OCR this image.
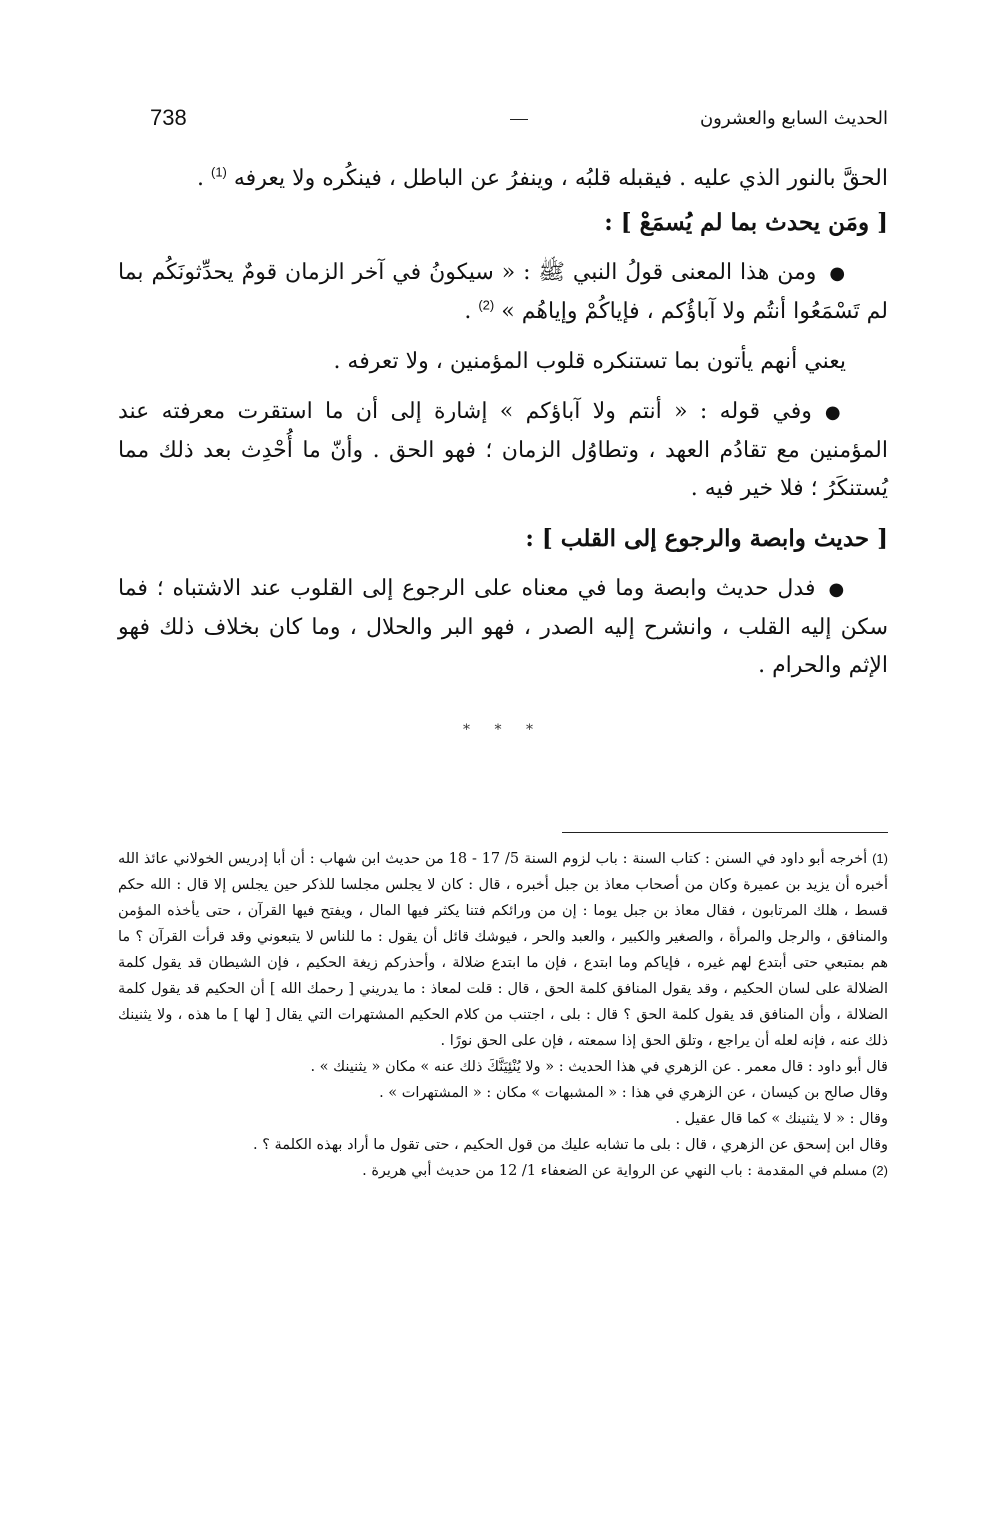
738	الحديث السابع والعشرون

الحقَّ بالنور الذي عليه . فيقبله قلبُه ، وينفرُ عن الباطل ، فينكُره ولا يعرفه $^{(1)}$ .

[ ومَن يحدث بما لم يُسمَعْ ] :

● ومن هذا المعنى قولُ النبي ﷺ : « سيكونُ في آخر الزمان قومٌ يحدِّثونَكُم بما لم تَسْمَعُوا أنتُم ولا آباؤُكم ، فإياكُمْ وإياهُم » $^{(2)}$ .

يعني أنهم يأتون بما تستنكره قلوب المؤمنين ، ولا تعرفه .

● وفي قوله : « أنتم ولا آباؤكم » إشارة إلى أن ما استقرت معرفته عند المؤمنين مع تقادُم العهد ، وتطاوُل الزمان ؛ فهو الحق . وأنّ ما أُحْدِث بعد ذلك مما يُستنكَرُ ؛ فلا خير فيه .

[ حديث وابصة والرجوع إلى القلب ] :

● فدل حديث وابصة وما في معناه على الرجوع إلى القلوب عند الاشتباه ؛ فما سكن إليه القلب ، وانشرح إليه الصدر ، فهو البر والحلال ، وما كان بخلاف ذلك فهو الإثم والحرام .

* * *

(1) أخرجه أبو داود في السنن : كتاب السنة : باب لزوم السنة 5/ 17 - 18 من حديث ابن شهاب : أن أبا إدريس الخولاني عائذ الله أخبره أن يزيد بن عميرة وكان من أصحاب معاذ بن جبل أخبره ، قال : كان لا يجلس مجلسا للذكر حين يجلس إلا قال : الله حكم قسط ، هلك المرتابون ، فقال معاذ بن جبل يوما : إن من ورائكم فتنا يكثر فيها المال ، ويفتح فيها القرآن ، حتى يأخذه المؤمن والمنافق ، والرجل والمرأة ، والصغير والكبير ، والعبد والحر ، فيوشك قائل أن يقول : ما للناس لا يتبعوني وقد قرأت القرآن ؟ ما هم بمتبعي حتى أبتدع لهم غيره ، فإياكم وما ابتدع ، فإن ما ابتدع ضلالة ، وأحذركم زيغة الحكيم ، فإن الشيطان قد يقول كلمة الضلالة على لسان الحكيم ، وقد يقول المنافق كلمة الحق ، قال : قلت لمعاذ : ما يدريني [ رحمك الله ] أن الحكيم قد يقول كلمة الضلالة ، وأن المنافق قد يقول كلمة الحق ؟ قال : بلى ، اجتنب من كلام الحكيم المشتهرات التي يقال [ لها ] ما هذه ، ولا يثنينك ذلك عنه ، فإنه لعله أن يراجع ، وتلق الحق إذا سمعته ، فإن على الحق نورًا .

قال أبو داود : قال معمر . عن الزهري في هذا الحديث : « ولا يُنْئِيَنَّكَ ذلك عنه » مكان « يثنينك » .

وقال صالح بن كيسان ، عن الزهري في هذا : « المشبهات » مكان : « المشتهرات » .

وقال : « لا يثنينك » كما قال عقيل .

وقال ابن إسحق عن الزهري ، قال : بلى ما تشابه عليك من قول الحكيم ، حتى تقول ما أراد بهذه الكلمة ؟ .

(2) مسلم في المقدمة : باب النهي عن الرواية عن الضعفاء 1/ 12 من حديث أبي هريرة .
